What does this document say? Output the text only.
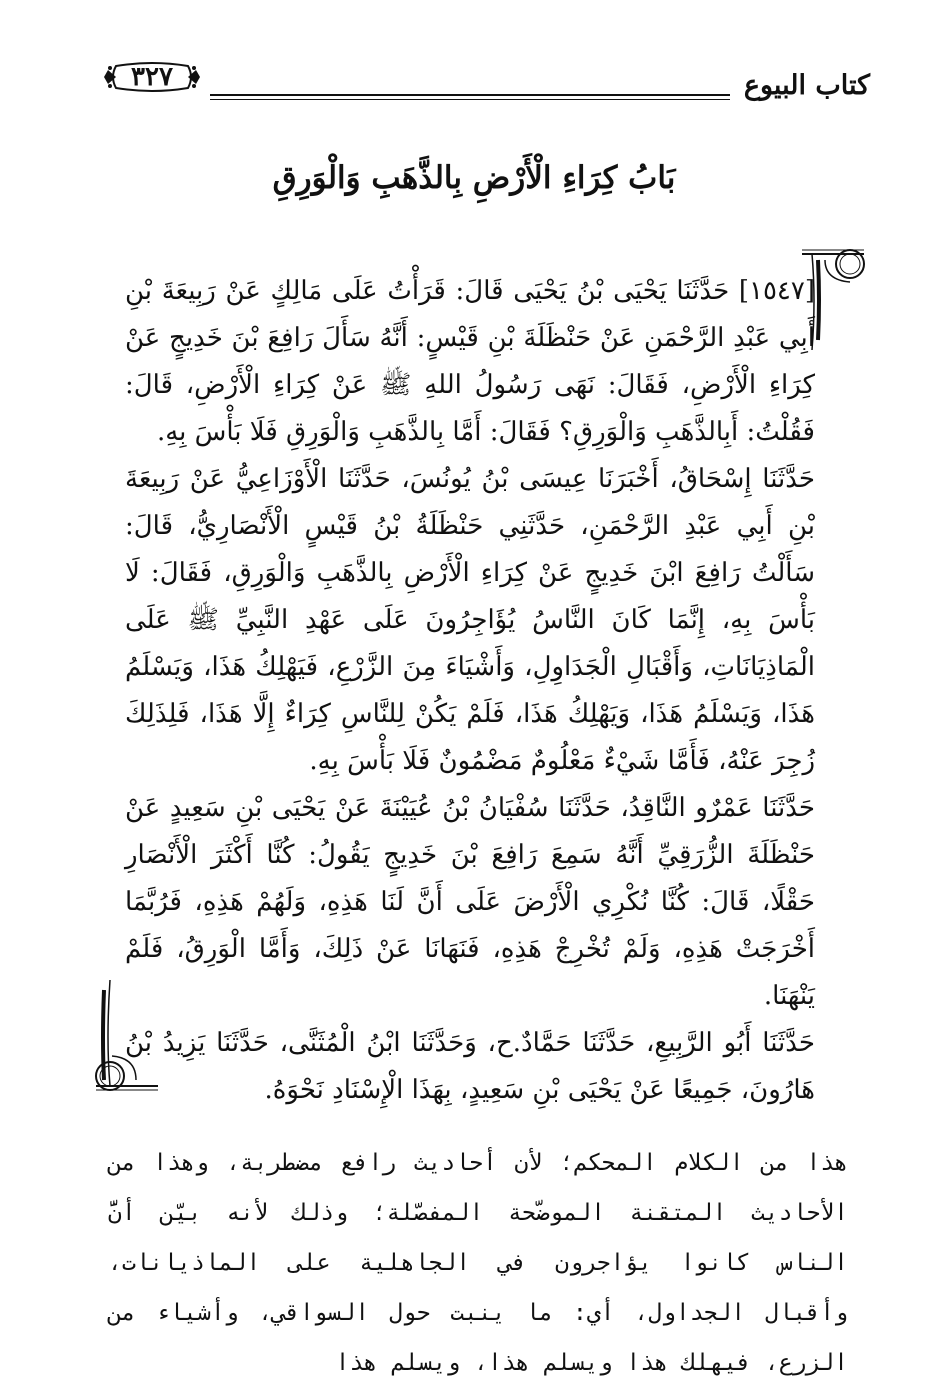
كتاب البيوع
٣٢٧
بَابُ كِرَاءِ الْأَرْضِ بِالذَّهَبِ وَالْوَرِقِ

[١٥٤٧] حَدَّثَنَا يَحْيَى بْنُ يَحْيَى قَالَ: قَرَأْتُ عَلَى مَالِكٍ عَنْ رَبِيعَةَ بْنِ أَبِي عَبْدِ الرَّحْمَنِ عَنْ حَنْظَلَةَ بْنِ قَيْسٍ: أَنَّهُ سَأَلَ رَافِعَ بْنَ خَدِيجٍ عَنْ كِرَاءِ الْأَرْضِ، فَقَالَ: نَهَى رَسُولُ اللهِ ﷺ عَنْ كِرَاءِ الْأَرْضِ، قَالَ: فَقُلْتُ: أَبِالذَّهَبِ وَالْوَرِقِ؟ فَقَالَ: أَمَّا بِالذَّهَبِ وَالْوَرِقِ فَلَا بَأْسَ بِهِ.

حَدَّثَنَا إِسْحَاقُ، أَخْبَرَنَا عِيسَى بْنُ يُونُسَ، حَدَّثَنَا الْأَوْزَاعِيُّ عَنْ رَبِيعَةَ بْنِ أَبِي عَبْدِ الرَّحْمَنِ، حَدَّثَنِي حَنْظَلَةُ بْنُ قَيْسٍ الْأَنْصَارِيُّ، قَالَ: سَأَلْتُ رَافِعَ ابْنَ خَدِيجٍ عَنْ كِرَاءِ الْأَرْضِ بِالذَّهَبِ وَالْوَرِقِ، فَقَالَ: لَا بَأْسَ بِهِ، إِنَّمَا كَانَ النَّاسُ يُؤَاجِرُونَ عَلَى عَهْدِ النَّبِيِّ ﷺ عَلَى الْمَاذِيَانَاتِ، وَأَقْبَالِ الْجَدَاوِلِ، وَأَشْيَاءَ مِنَ الزَّرْعِ، فَيَهْلِكُ هَذَا، وَيَسْلَمُ هَذَا، وَيَسْلَمُ هَذَا، وَيَهْلِكُ هَذَا، فَلَمْ يَكُنْ لِلنَّاسِ كِرَاءٌ إِلَّا هَذَا، فَلِذَلِكَ زُجِرَ عَنْهُ، فَأَمَّا شَيْءٌ مَعْلُومٌ مَضْمُونٌ فَلَا بَأْسَ بِهِ.

حَدَّثَنَا عَمْرٌو النَّاقِدُ، حَدَّثَنَا سُفْيَانُ بْنُ عُيَيْنَةَ عَنْ يَحْيَى بْنِ سَعِيدٍ عَنْ حَنْظَلَةَ الزُّرَقِيِّ أَنَّهُ سَمِعَ رَافِعَ بْنَ خَدِيجٍ يَقُولُ: كُنَّا أَكْثَرَ الْأَنْصَارِ حَقْلًا، قَالَ: كُنَّا نُكْرِي الْأَرْضَ عَلَى أَنَّ لَنَا هَذِهِ، وَلَهُمْ هَذِهِ، فَرُبَّمَا أَخْرَجَتْ هَذِهِ، وَلَمْ تُخْرِجْ هَذِهِ، فَنَهَانَا عَنْ ذَلِكَ، وَأَمَّا الْوَرِقُ، فَلَمْ يَنْهَنَا.

حَدَّثَنَا أَبُو الرَّبِيعِ، حَدَّثَنَا حَمَّادٌ.ح، وَحَدَّثَنَا ابْنُ الْمُثَنَّى، حَدَّثَنَا يَزِيدُ بْنُ هَارُونَ، جَمِيعًا عَنْ يَحْيَى بْنِ سَعِيدٍ، بِهَذَا الْإِسْنَادِ نَحْوَهُ.

هذا من الكلام المحكم؛ لأن أحاديث رافع مضطربة، وهذا من الأحاديث المتقنة الموضّحة المفصّلة؛ وذلك لأنه بيّن أنَّ الناس كانوا يؤاجرون في الجاهلية على الماذيانات، وأقبال الجداول، أي: ما ينبت حول السواقي، وأشياء من الزرع، فيهلك هذا ويسلم هذا، ويسلم هذا
